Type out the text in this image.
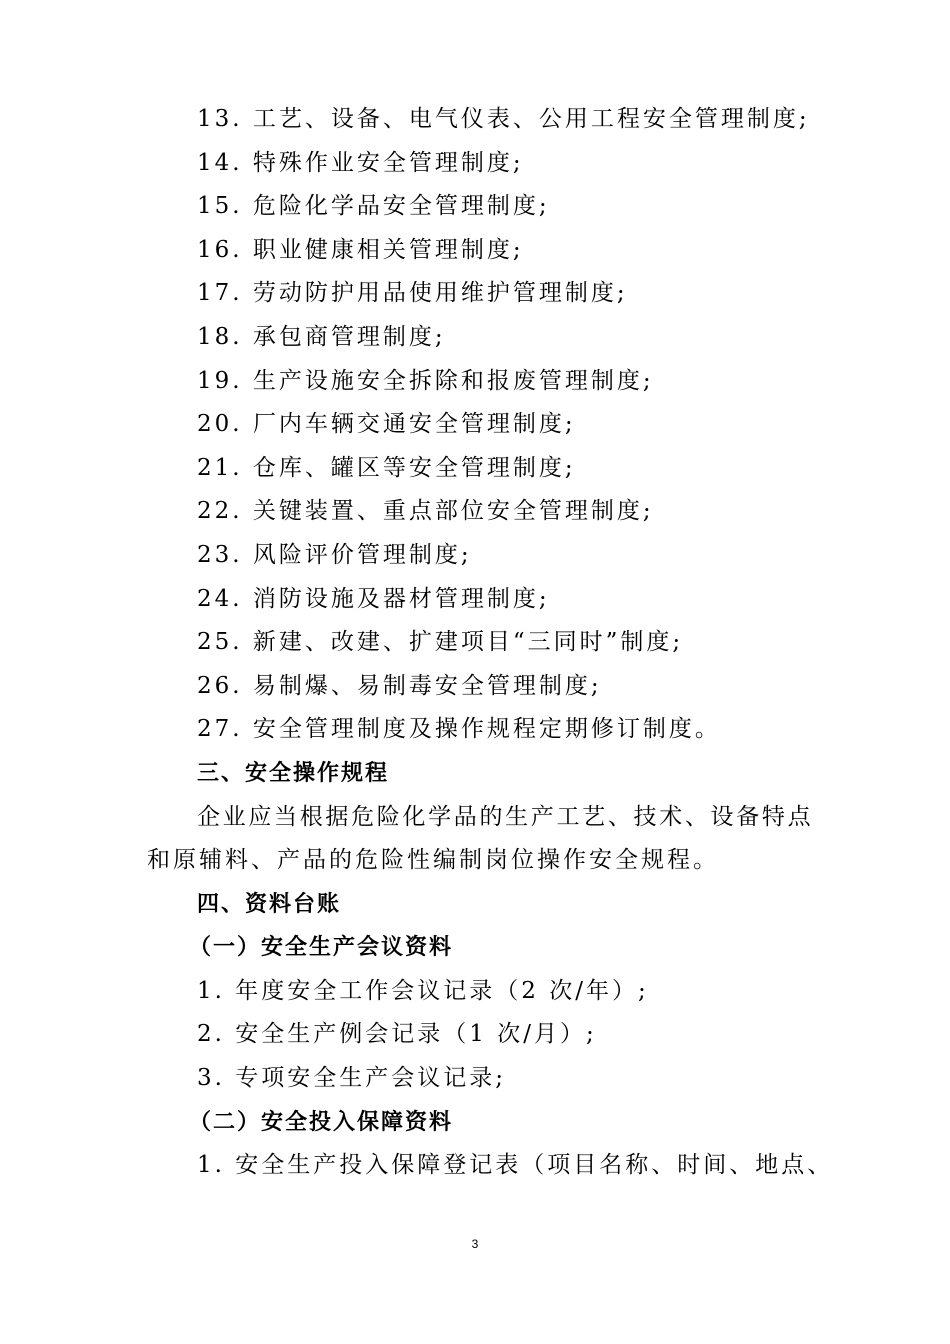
13. 工艺、设备、电气仪表、公用工程安全管理制度;
14. 特殊作业安全管理制度;
15. 危险化学品安全管理制度;
16. 职业健康相关管理制度;
17. 劳动防护用品使用维护管理制度;
18. 承包商管理制度;
19. 生产设施安全拆除和报废管理制度;
20. 厂内车辆交通安全管理制度;
21. 仓库、罐区等安全管理制度;
22. 关键装置、重点部位安全管理制度;
23. 风险评价管理制度;
24. 消防设施及器材管理制度;
25. 新建、改建、扩建项目“三同时”制度;
26. 易制爆、易制毒安全管理制度;
27. 安全管理制度及操作规程定期修订制度。
三、安全操作规程
企业应当根据危险化学品的生产工艺、技术、设备特点
和原辅料、产品的危险性编制岗位操作安全规程。
四、资料台账
（一）安全生产会议资料
1. 年度安全工作会议记录（2 次/年）;
2. 安全生产例会记录（1 次/月）;
3. 专项安全生产会议记录;
（二）安全投入保障资料
1. 安全生产投入保障登记表（项目名称、时间、地点、
3
